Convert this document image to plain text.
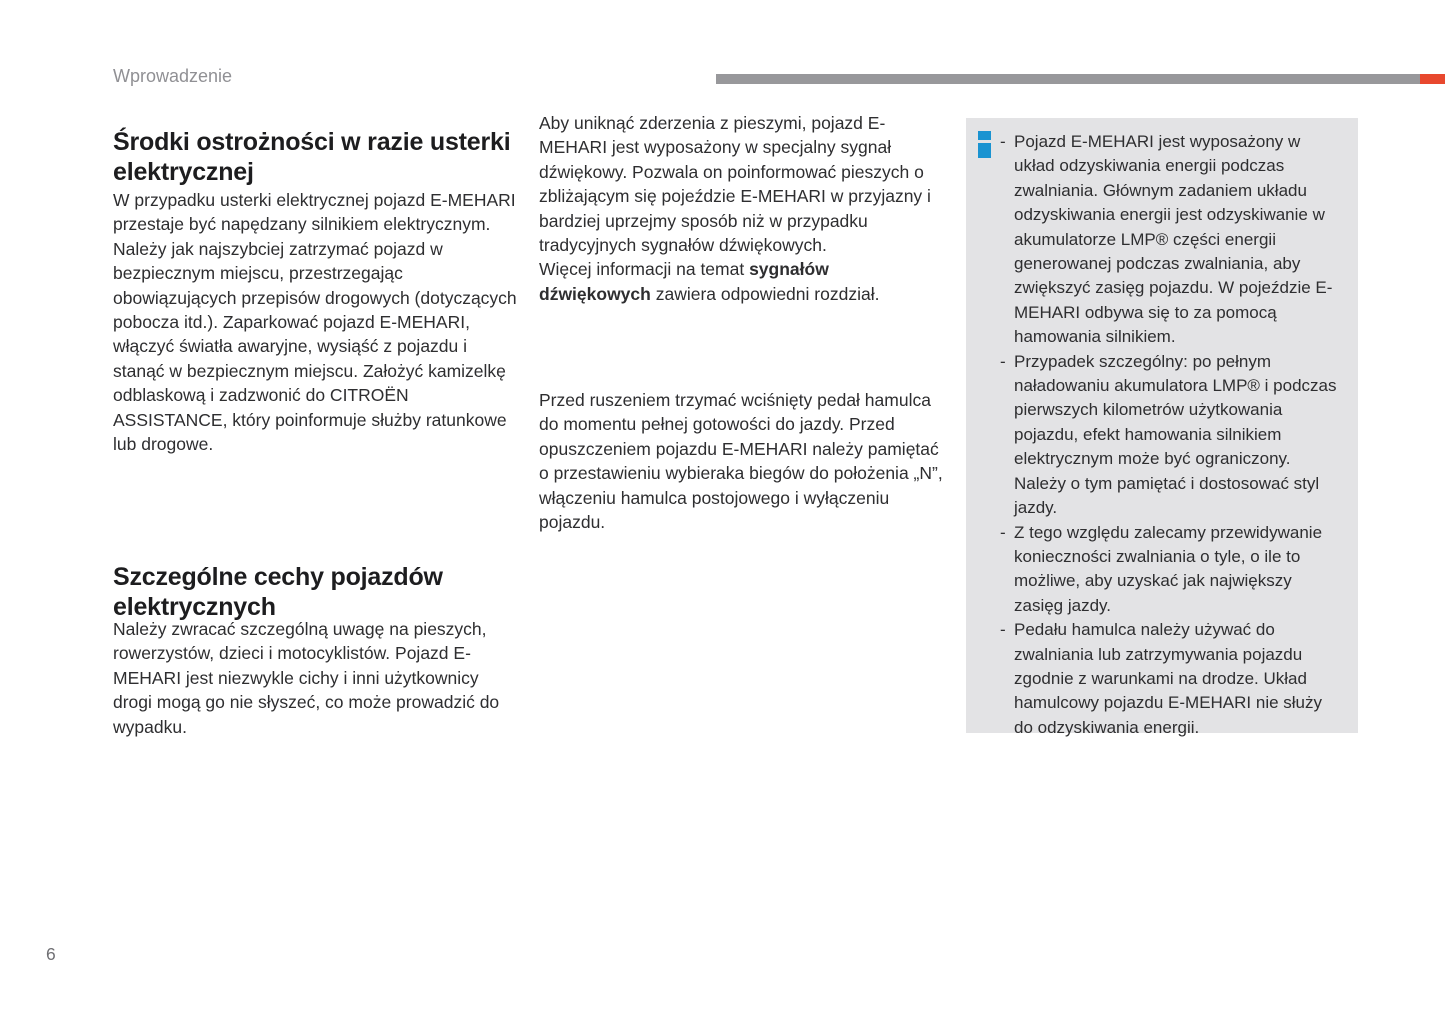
Wprowadzenie
Środki ostrożności w razie usterki elektrycznej

W przypadku usterki elektrycznej pojazd E-MEHARI przestaje być napędzany silnikiem elektrycznym. Należy jak najszybciej zatrzymać pojazd w bezpiecznym miejscu, przestrzegając obowiązujących przepisów drogowych (dotyczących pobocza itd.). Zaparkować pojazd E-MEHARI, włączyć światła awaryjne, wysiąść z pojazdu i stanąć w bezpiecznym miejscu. Założyć kamizelkę odblaskową i zadzwonić do CITROËN ASSISTANCE, który poinformuje służby ratunkowe lub drogowe.

Szczególne cechy pojazdów elektrycznych

Należy zwracać szczególną uwagę na pieszych, rowerzystów, dzieci i motocyklistów. Pojazd E-MEHARI jest niezwykle cichy i inni użytkownicy drogi mogą go nie słyszeć, co może prowadzić do wypadku.

Aby uniknąć zderzenia z pieszymi, pojazd E-MEHARI jest wyposażony w specjalny sygnał dźwiękowy. Pozwala on poinformować pieszych o zbliżającym się pojeździe E-MEHARI w przyjazny i bardziej uprzejmy sposób niż w przypadku tradycyjnych sygnałów dźwiękowych.

Więcej informacji na temat sygnałów dźwiękowych zawiera odpowiedni rozdział.

Przed ruszeniem trzymać wciśnięty pedał hamulca do momentu pełnej gotowości do jazdy. Przed opuszczeniem pojazdu E-MEHARI należy pamiętać o przestawieniu wybieraka biegów do położenia „N”, włączeniu hamulca postojowego i wyłączeniu pojazdu.

- Pojazd E-MEHARI jest wyposażony w układ odzyskiwania energii podczas zwalniania. Głównym zadaniem układu odzyskiwania energii jest odzyskiwanie w akumulatorze LMP® części energii generowanej podczas zwalniania, aby zwiększyć zasięg pojazdu. W pojeździe E-MEHARI odbywa się to za pomocą hamowania silnikiem.
- Przypadek szczególny: po pełnym naładowaniu akumulatora LMP® i podczas pierwszych kilometrów użytkowania pojazdu, efekt hamowania silnikiem elektrycznym może być ograniczony. Należy o tym pamiętać i dostosować styl jazdy.
- Z tego względu zalecamy przewidywanie konieczności zwalniania o tyle, o ile to możliwe, aby uzyskać jak największy zasięg jazdy.
- Pedału hamulca należy używać do zwalniania lub zatrzymywania pojazdu zgodnie z warunkami na drodze. Układ hamulcowy pojazdu E-MEHARI nie służy do odzyskiwania energii.
6
